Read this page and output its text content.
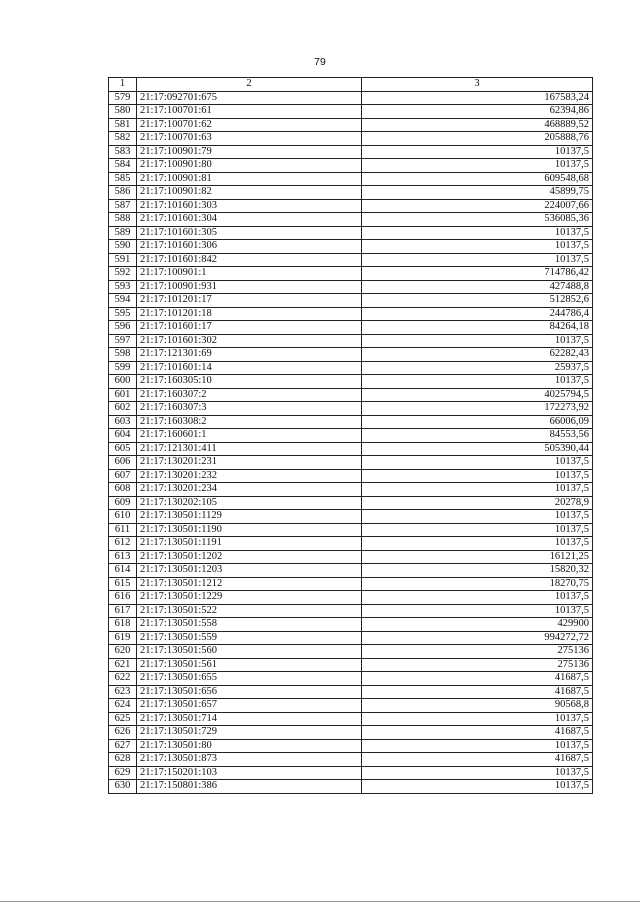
79
1	2	3
579	21:17:092701:675	167583,24
580	21:17:100701:61	62394,86
581	21:17:100701:62	468889,52
582	21:17:100701:63	205888,76
583	21:17:100901:79	10137,5
584	21:17:100901:80	10137,5
585	21:17:100901:81	609548,68
586	21:17:100901:82	45899,75
587	21:17:101601:303	224007,66
588	21:17:101601:304	536085,36
589	21:17:101601:305	10137,5
590	21:17:101601:306	10137,5
591	21:17:101601:842	10137,5
592	21:17:100901:1	714786,42
593	21:17:100901:931	427488,8
594	21:17:101201:17	512852,6
595	21:17:101201:18	244786,4
596	21:17:101601:17	84264,18
597	21:17:101601:302	10137,5
598	21:17:121301:69	62282,43
599	21:17:101601:14	25937,5
600	21:17:160305:10	10137,5
601	21:17:160307:2	4025794,5
602	21:17:160307:3	172273,92
603	21:17:160308:2	66006,09
604	21:17:160601:1	84553,56
605	21:17:121301:411	505390,44
606	21:17:130201:231	10137,5
607	21:17:130201:232	10137,5
608	21:17:130201:234	10137,5
609	21:17:130202:105	20278,9
610	21:17:130501:1129	10137,5
611	21:17:130501:1190	10137,5
612	21:17:130501:1191	10137,5
613	21:17:130501:1202	16121,25
614	21:17:130501:1203	15820,32
615	21:17:130501:1212	18270,75
616	21:17:130501:1229	10137,5
617	21:17:130501:522	10137,5
618	21:17:130501:558	429900
619	21:17:130501:559	994272,72
620	21:17:130501:560	275136
621	21:17:130501:561	275136
622	21:17:130501:655	41687,5
623	21:17:130501:656	41687,5
624	21:17:130501:657	90568,8
625	21:17:130501:714	10137,5
626	21:17:130501:729	41687,5
627	21:17:130501:80	10137,5
628	21:17:130501:873	41687,5
629	21:17:150201:103	10137,5
630	21:17:150801:386	10137,5
